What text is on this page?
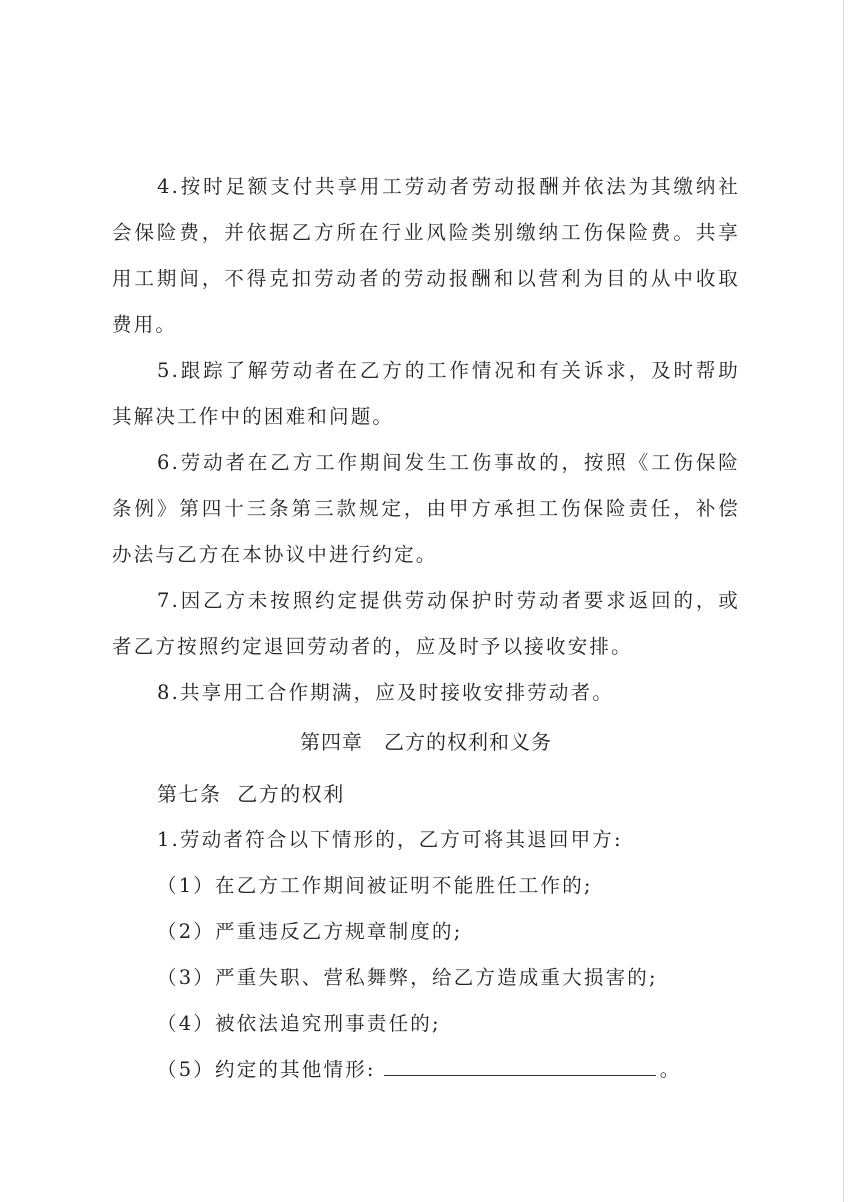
4.按时足额支付共享用工劳动者劳动报酬并依法为其缴纳社会保险费，并依据乙方所在行业风险类别缴纳工伤保险费。共享用工期间，不得克扣劳动者的劳动报酬和以营利为目的从中收取费用。

5.跟踪了解劳动者在乙方的工作情况和有关诉求，及时帮助其解决工作中的困难和问题。

6.劳动者在乙方工作期间发生工伤事故的，按照《工伤保险条例》第四十三条第三款规定，由甲方承担工伤保险责任，补偿办法与乙方在本协议中进行约定。

7.因乙方未按照约定提供劳动保护时劳动者要求返回的，或者乙方按照约定退回劳动者的，应及时予以接收安排。

8.共享用工合作期满，应及时接收安排劳动者。

第四章　乙方的权利和义务

第七条  乙方的权利

1.劳动者符合以下情形的，乙方可将其退回甲方:

（1）在乙方工作期间被证明不能胜任工作的;

（2）严重违反乙方规章制度的;

（3）严重失职、营私舞弊，给乙方造成重大损害的;

（4）被依法追究刑事责任的;

（5）约定的其他情形:	。
